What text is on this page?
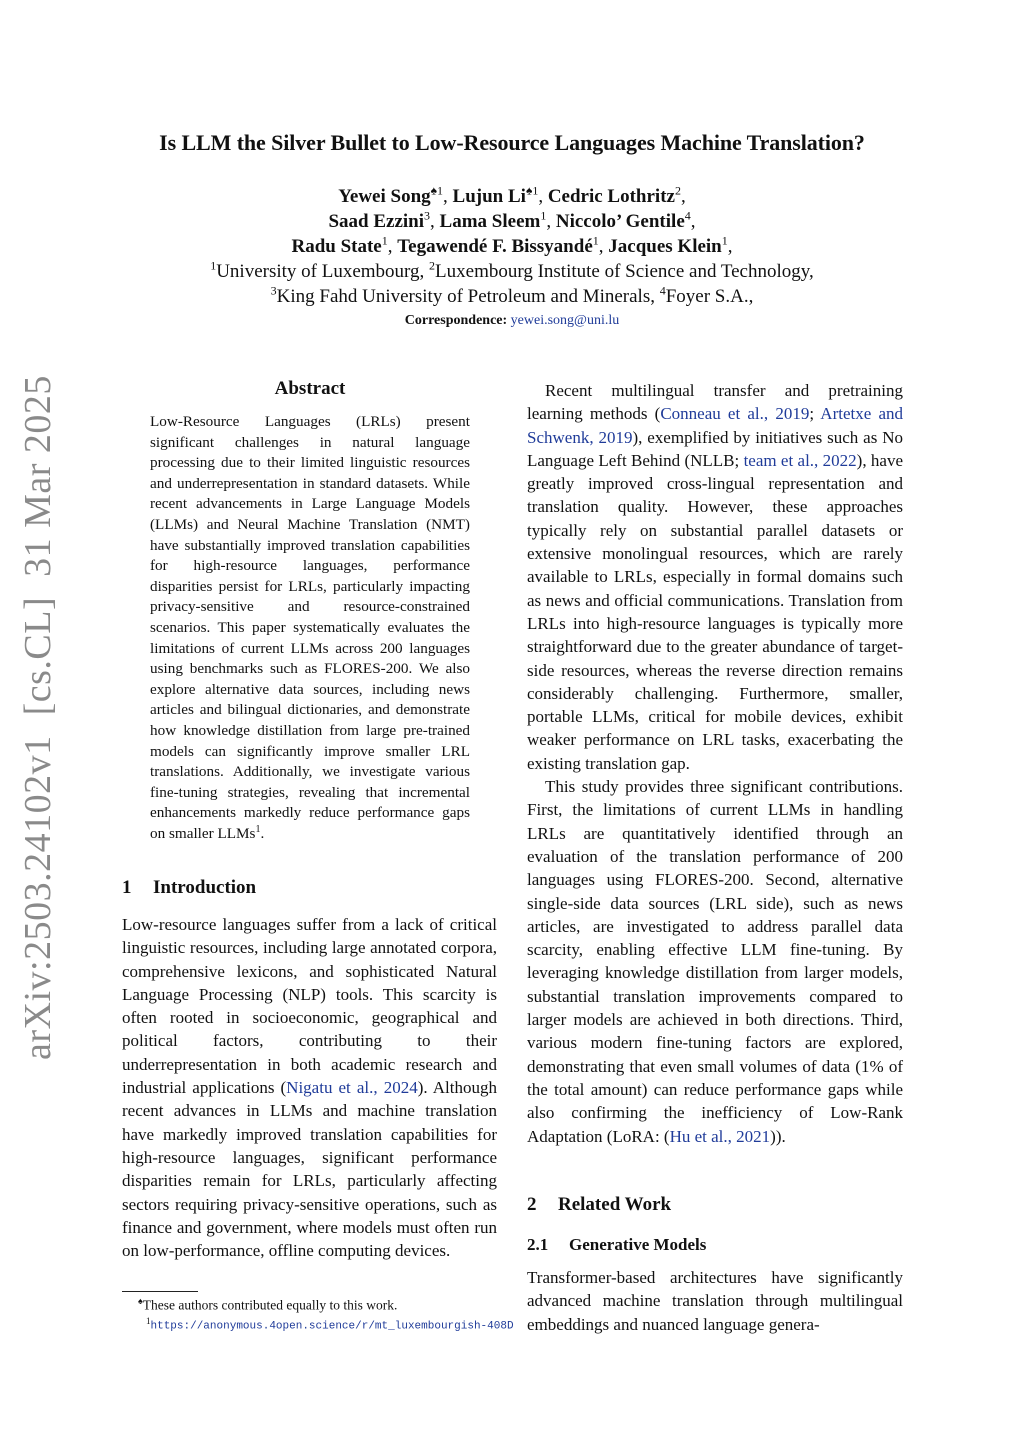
Is LLM the Silver Bullet to Low-Resource Languages Machine Translation?
Yewei Song$^{♠1}$, Lujun $Li^{♠1}$, Cedric Lothritz$^2$,
Saad Ezzini$^3$, Lama Sleem$^1$, Niccolo’ Gentile$^4$,
Radu State$^1$, Tegawendé F. Bissyandé$^1$, Jacques Klein$^1$,
$^1$University of Luxembourg, $^2$Luxembourg Institute of Science and Technology,
$^3$King Fahd University of Petroleum and Minerals, $^4$Foyer S.A.,
Correspondence: yewei.song@uni.lu
arXiv:2503.24102v1  [cs.CL]  31 Mar 2025	Abstract
Low-Resource Languages (LRLs) present significant challenges in natural language processing due to their limited linguistic resources and underrepresentation in standard datasets. While recent advancements in Large Language Models (LLMs) and Neural Machine Translation (NMT) have substantially improved translation capabilities for high-resource languages, performance disparities persist for LRLs, particularly impacting privacy-sensitive and resource-constrained scenarios. This paper systematically evaluates the limitations of current LLMs across 200 languages using benchmarks such as FLORES-200. We also explore alternative data sources, including news articles and bilingual dictionaries, and demonstrate how knowledge distillation from large pre-trained models can significantly improve smaller LRL translations. Additionally, we investigate various fine-tuning strategies, revealing that incremental enhancements markedly reduce performance gaps on smaller LLMs$^1$.
1 Introduction

Low-resource languages suffer from a lack of critical linguistic resources, including large annotated corpora, comprehensive lexicons, and sophisticated Natural Language Processing (NLP) tools. This scarcity is often rooted in socioeconomic, geographical and political factors, contributing to their underrepresentation in both academic research and industrial applications (Nigatu et al., 2024). Although recent advances in LLMs and machine translation have markedly improved translation capabilities for high-resource languages, significant performance disparities remain for LRLs, particularly affecting sectors requiring privacy-sensitive operations, such as finance and government, where models must often run on low-performance, offline computing devices.

Recent multilingual transfer and pretraining learning methods (Conneau et al., 2019; Artetxe and Schwenk, 2019), exemplified by initiatives such as No Language Left Behind (NLLB; team et al., 2022), have greatly improved cross-lingual representation and translation quality. However, these approaches typically rely on substantial parallel datasets or extensive monolingual resources, which are rarely available to LRLs, especially in formal domains such as news and official communications. Translation from LRLs into high-resource languages is typically more straightforward due to the greater abundance of target-side resources, whereas the reverse direction remains considerably challenging. Furthermore, smaller, portable LLMs, critical for mobile devices, exhibit weaker performance on LRL tasks, exacerbating the existing translation gap.

This study provides three significant contributions. First, the limitations of current LLMs in handling LRLs are quantitatively identified through an evaluation of the translation performance of 200 languages using FLORES-200. Second, alternative single-side data sources (LRL side), such as news articles, are investigated to address parallel data scarcity, enabling effective LLM fine-tuning. By leveraging knowledge distillation from larger models, substantial translation improvements compared to larger models are achieved in both directions. Third, various modern fine-tuning factors are explored, demonstrating that even small volumes of data (1% of the total amount) can reduce performance gaps while also confirming the inefficiency of Low-Rank Adaptation (LoRA: (Hu et al., 2021)).

2 Related Work
2.1 Generative Models

Transformer-based architectures have significantly advanced machine translation through multilingual embeddings and nuanced language genera-

♠These authors contributed equally to this work.
$^1$https://anonymous.4open.science/r/mt_luxembourgish-408D
